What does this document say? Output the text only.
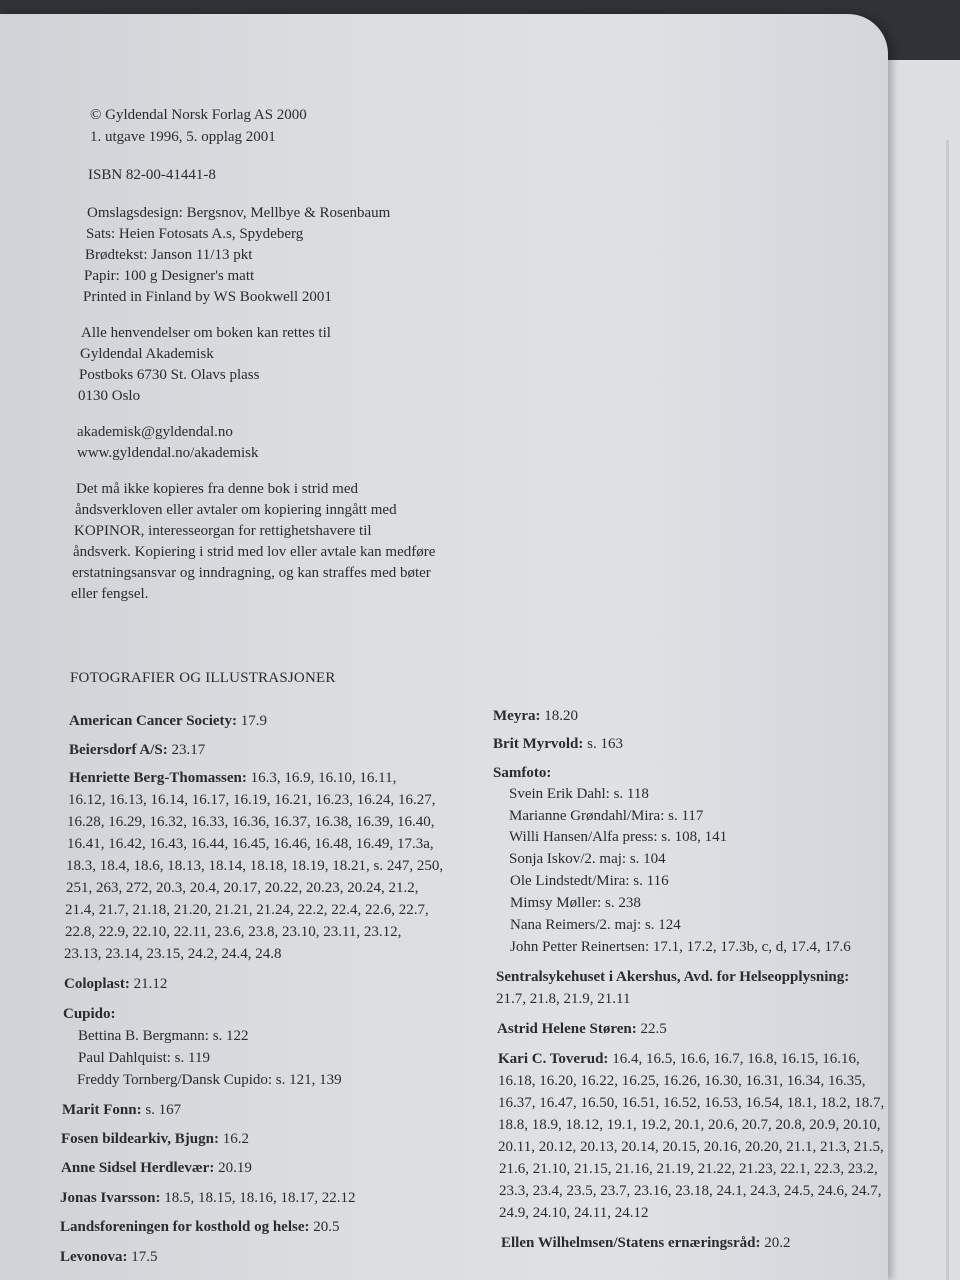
© Gyldendal Norsk Forlag AS 2000
1. utgave 1996, 5. opplag 2001
ISBN 82-00-41441-8
Omslagsdesign: Bergsnov, Mellbye & Rosenbaum
Sats: Heien Fotosats A.s, Spydeberg
Brødtekst: Janson 11/13 pkt
Papir: 100 g Designer's matt
Printed in Finland by WS Bookwell 2001
Alle henvendelser om boken kan rettes til
Gyldendal Akademisk
Postboks 6730 St. Olavs plass
0130 Oslo
akademisk@gyldendal.no
www.gyldendal.no/akademisk
Det må ikke kopieres fra denne bok i strid med
åndsverkloven eller avtaler om kopiering inngått med
KOPINOR, interesseorgan for rettighetshavere til
åndsverk. Kopiering i strid med lov eller avtale kan medføre
erstatningsansvar og inndragning, og kan straffes med bøter
eller fengsel.
FOTOGRAFIER OG ILLUSTRASJONER
American Cancer Society: 17.9
Beiersdorf A/S: 23.17
Henriette Berg-Thomassen: 16.3, 16.9, 16.10, 16.11,
16.12, 16.13, 16.14, 16.17, 16.19, 16.21, 16.23, 16.24, 16.27,
16.28, 16.29, 16.32, 16.33, 16.36, 16.37, 16.38, 16.39, 16.40,
16.41, 16.42, 16.43, 16.44, 16.45, 16.46, 16.48, 16.49, 17.3a,
18.3, 18.4, 18.6, 18.13, 18.14, 18.18, 18.19, 18.21, s. 247, 250,
251, 263, 272, 20.3, 20.4, 20.17, 20.22, 20.23, 20.24, 21.2,
21.4, 21.7, 21.18, 21.20, 21.21, 21.24, 22.2, 22.4, 22.6, 22.7,
22.8, 22.9, 22.10, 22.11, 23.6, 23.8, 23.10, 23.11, 23.12,
23.13, 23.14, 23.15, 24.2, 24.4, 24.8
Coloplast: 21.12
Cupido:
Bettina B. Bergmann: s. 122
Paul Dahlquist: s. 119
Freddy Tornberg/Dansk Cupido: s. 121, 139
Marit Fonn: s. 167
Fosen bildearkiv, Bjugn: 16.2
Anne Sidsel Herdlevær: 20.19
Jonas Ivarsson: 18.5, 18.15, 18.16, 18.17, 22.12
Landsforeningen for kosthold og helse: 20.5
Levonova: 17.5
Meyra: 18.20
Brit Myrvold: s. 163
Samfoto:
Svein Erik Dahl: s. 118
Marianne Grøndahl/Mira: s. 117
Willi Hansen/Alfa press: s. 108, 141
Sonja Iskov/2. maj: s. 104
Ole Lindstedt/Mira: s. 116
Mimsy Møller: s. 238
Nana Reimers/2. maj: s. 124
John Petter Reinertsen: 17.1, 17.2, 17.3b, c, d, 17.4, 17.6
Sentralsykehuset i Akershus, Avd. for Helseopplysning:
21.7, 21.8, 21.9, 21.11
Astrid Helene Støren: 22.5
Kari C. Toverud: 16.4, 16.5, 16.6, 16.7, 16.8, 16.15, 16.16,
16.18, 16.20, 16.22, 16.25, 16.26, 16.30, 16.31, 16.34, 16.35,
16.37, 16.47, 16.50, 16.51, 16.52, 16.53, 16.54, 18.1, 18.2, 18.7,
18.8, 18.9, 18.12, 19.1, 19.2, 20.1, 20.6, 20.7, 20.8, 20.9, 20.10,
20.11, 20.12, 20.13, 20.14, 20.15, 20.16, 20.20, 21.1, 21.3, 21.5,
21.6, 21.10, 21.15, 21.16, 21.19, 21.22, 21.23, 22.1, 22.3, 23.2,
23.3, 23.4, 23.5, 23.7, 23.16, 23.18, 24.1, 24.3, 24.5, 24.6, 24.7,
24.9, 24.10, 24.11, 24.12
Ellen Wilhelmsen/Statens ernæringsråd: 20.2
